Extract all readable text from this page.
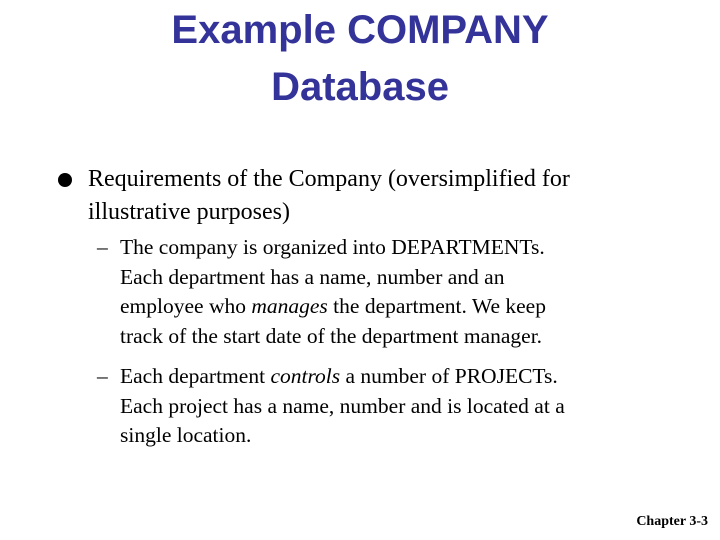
Example COMPANY
Database
Requirements of the Company (oversimplified for
illustrative purposes)
– The company is organized into DEPARTMENTs.
Each department has a name, number and an
employee who manages the department. We keep
track of the start date of the department manager.
– Each department controls a number of PROJECTs.
Each project has a name, number and is located at a
single location.
Chapter 3-3
